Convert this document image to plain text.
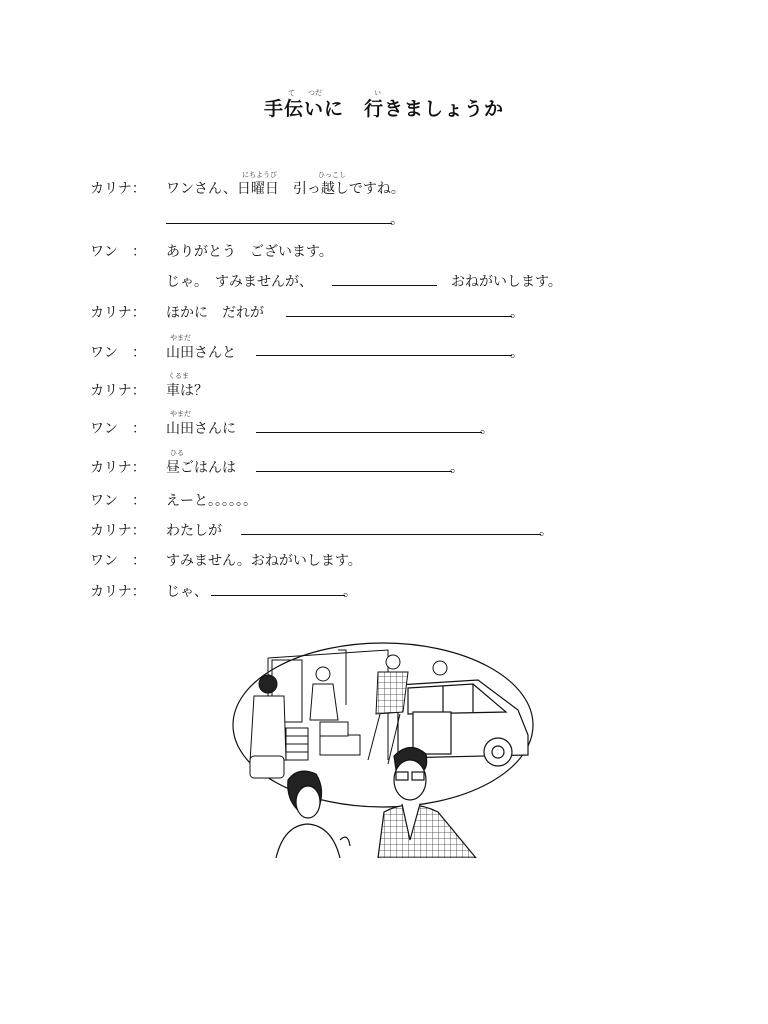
て つだ	い
手伝いに　行きましょうか
カリナ：
にちようび	ひっこし
ワンさん、日曜日　引っ越しですね。
。
ワン　： ありがとう　ございます。
じゃ。　すみませんが、	おねがいします。
カリナ： ほかに　だれが	。
ワン　：
やまだ
山田さんと	。
カリナ：
くるま
車は？
ワン　：
やまだ
山田さんに	。
カリナ：
ひる
昼ごはんは	。
ワン　： えーと。。。。。。
カリナ： わたしが	。
ワン　： すみません。おねがいします。
カリナ： じゃ、	。
